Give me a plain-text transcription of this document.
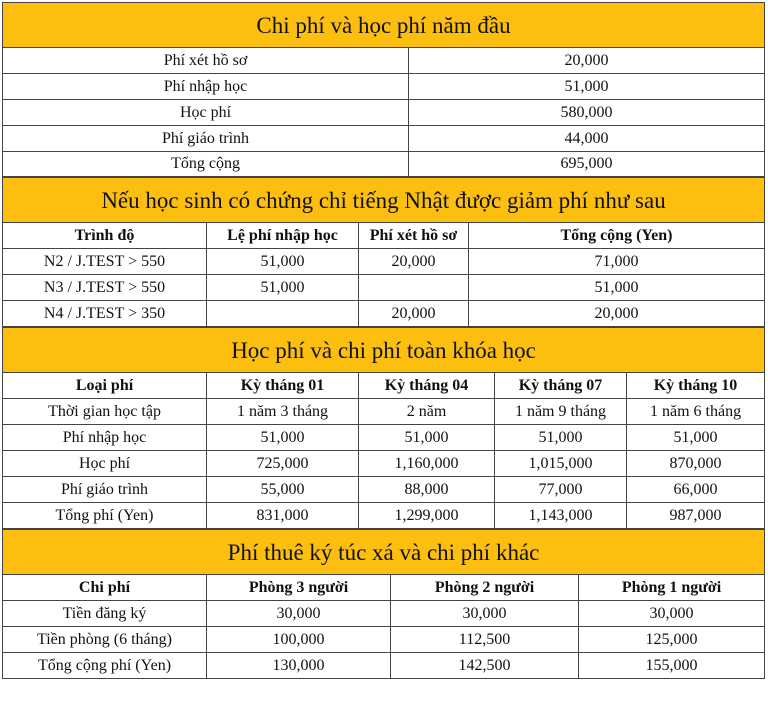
Chi phí và học phí năm đầu	
Phí xét hồ sơ	20,000
Phí nhập học	51,000
Học phí	580,000
Phí giáo trình	44,000
Tổng cộng	695,000
Nếu học sinh có chứng chỉ tiếng Nhật được giảm phí như sau			
Trình độ	Lệ phí nhập học	Phí xét hồ sơ	Tổng cộng (Yen)
N2 / J.TEST > 550	51,000	20,000	71,000
N3 / J.TEST > 550	51,000		51,000
N4 / J.TEST > 350		20,000	20,000
Học phí và chi phí toàn khóa học				
Loại phí	Kỳ tháng 01	Kỳ tháng 04	Kỳ tháng 07	Kỳ tháng 10
Thời gian học tập	1 năm 3 tháng	2 năm	1 năm 9 tháng	1 năm 6 tháng
Phí nhập học	51,000	51,000	51,000	51,000
Học phí	725,000	1,160,000	1,015,000	870,000
Phí giáo trình	55,000	88,000	77,000	66,000
Tổng phí (Yen)	831,000	1,299,000	1,143,000	987,000
Phí thuê ký túc xá và chi phí khác			
Chi phí	Phòng 3 người	Phòng 2 người	Phòng 1 người
Tiền đăng ký	30,000	30,000	30,000
Tiền phòng (6 tháng)	100,000	112,500	125,000
Tổng cộng phí (Yen)	130,000	142,500	155,000
